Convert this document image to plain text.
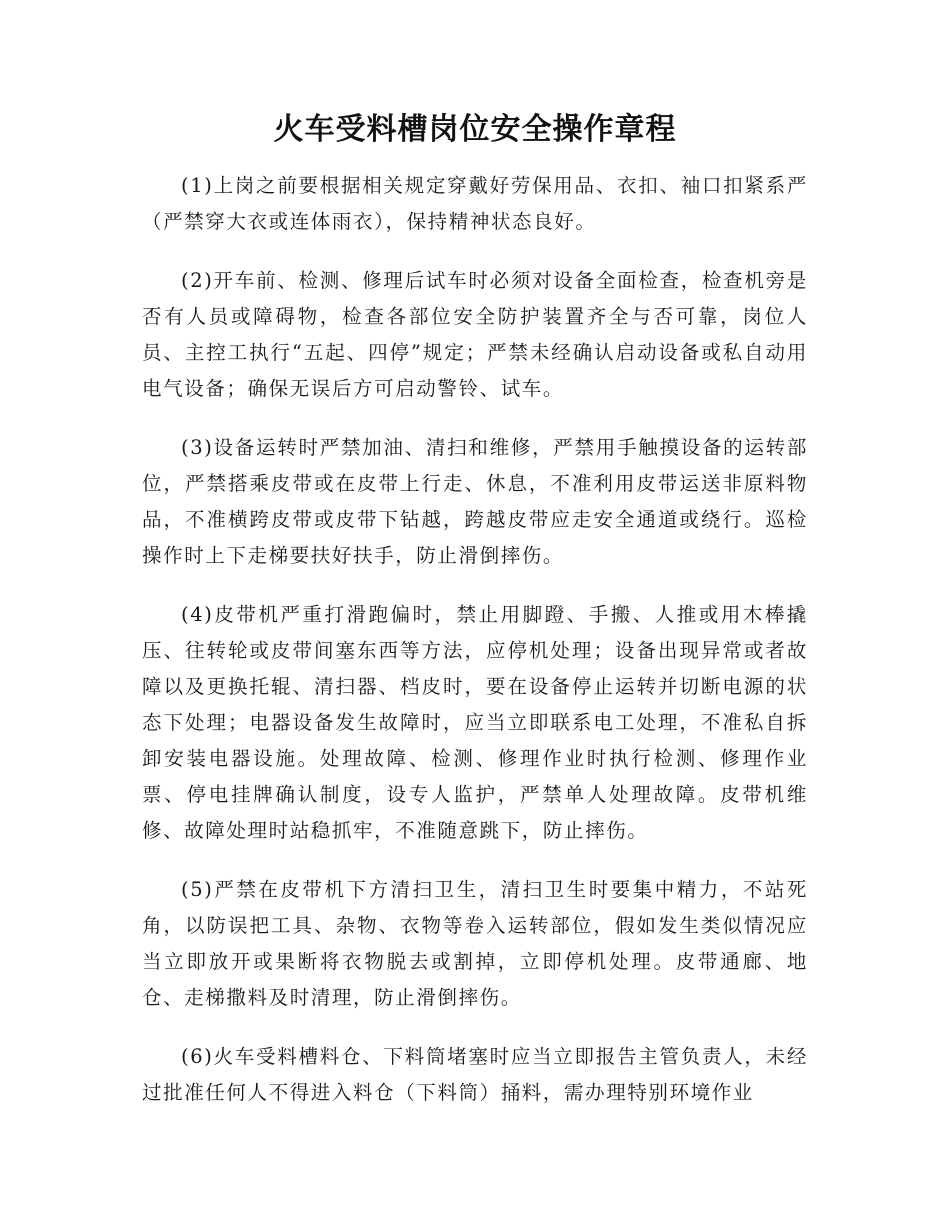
火车受料槽岗位安全操作章程

(1)上岗之前要根据相关规定穿戴好劳保用品、衣扣、袖口扣紧系严（严禁穿大衣或连体雨衣），保持精神状态良好。

(2)开车前、检测、修理后试车时必须对设备全面检查，检查机旁是否有人员或障碍物，检查各部位安全防护装置齐全与否可靠，岗位人员、主控工执行“五起、四停”规定；严禁未经确认启动设备或私自动用电气设备；确保无误后方可启动警铃、试车。

(3)设备运转时严禁加油、清扫和维修，严禁用手触摸设备的运转部位，严禁搭乘皮带或在皮带上行走、休息，不准利用皮带运送非原料物品，不准横跨皮带或皮带下钻越，跨越皮带应走安全通道或绕行。巡检操作时上下走梯要扶好扶手，防止滑倒摔伤。

(4)皮带机严重打滑跑偏时，禁止用脚蹬、手搬、人推或用木棒撬压、往转轮或皮带间塞东西等方法，应停机处理；设备出现异常或者故障以及更换托辊、清扫器、档皮时，要在设备停止运转并切断电源的状态下处理；电器设备发生故障时，应当立即联系电工处理，不准私自拆卸安装电器设施。处理故障、检测、修理作业时执行检测、修理作业票、停电挂牌确认制度，设专人监护，严禁单人处理故障。皮带机维修、故障处理时站稳抓牢，不准随意跳下，防止摔伤。

(5)严禁在皮带机下方清扫卫生，清扫卫生时要集中精力，不站死角，以防误把工具、杂物、衣物等卷入运转部位，假如发生类似情况应当立即放开或果断将衣物脱去或割掉，立即停机处理。皮带通廊、地仓、走梯撒料及时清理，防止滑倒摔伤。

(6)火车受料槽料仓、下料筒堵塞时应当立即报告主管负责人，未经过批准任何人不得进入料仓（下料筒）捅料，需办理特别环境作业
